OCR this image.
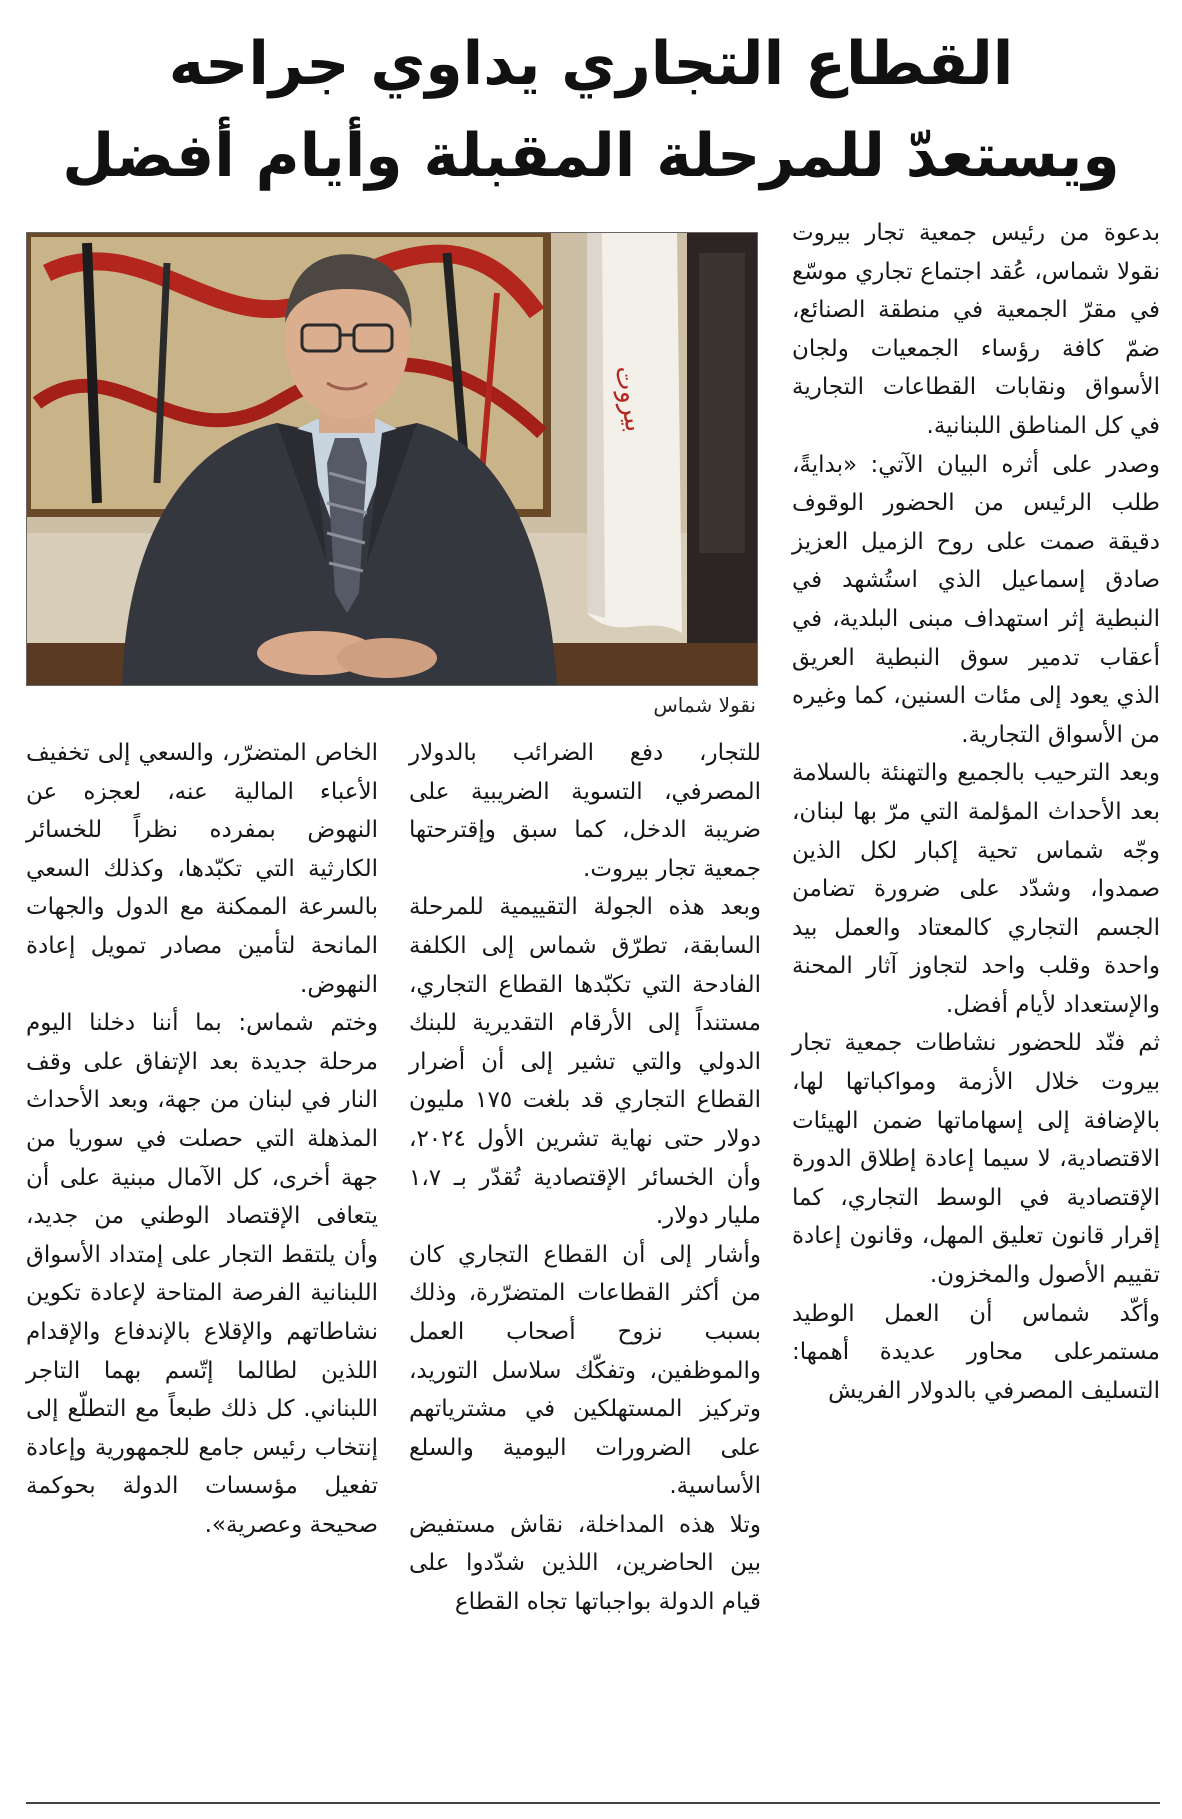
القطاع التجاري يداوي جراحه
ويستعدّ للمرحلة المقبلة وأيام أفضل

بدعوة من رئيس جمعية تجار بيروت نقولا شماس، عُقد اجتماع تجاري موسّع في مقرّ الجمعية في منطقة الصنائع، ضمّ كافة رؤساء الجمعيات ولجان الأسواق ونقابات القطاعات التجارية في كل المناطق اللبنانية.

وصدر على أثره البيان الآتي: «بدايةً، طلب الرئيس من الحضور الوقوف دقيقة صمت على روح الزميل العزيز صادق إسماعيل الذي استُشهد في النبطية إثر استهداف مبنى البلدية، في أعقاب تدمير سوق النبطية العريق الذي يعود إلى مئات السنين، كما وغيره من الأسواق التجارية.

وبعد الترحيب بالجميع والتهنئة بالسلامة بعد الأحداث المؤلمة التي مرّ بها لبنان، وجّه شماس تحية إكبار لكل الذين صمدوا، وشدّد على ضرورة تضامن الجسم التجاري كالمعتاد والعمل بيد واحدة وقلب واحد لتجاوز آثار المحنة والإستعداد لأيام أفضل.

ثم فنّد للحضور نشاطات جمعية تجار بيروت خلال الأزمة ومواكباتها لها، بالإضافة إلى إسهاماتها ضمن الهيئات الاقتصادية، لا سيما إعادة إطلاق الدورة الإقتصادية في الوسط التجاري، كما إقرار قانون تعليق المهل، وقانون إعادة تقييم الأصول والمخزون.

وأكّد شماس أن العمل الوطيد مستمرعلى محاور عديدة أهمها: التسليف المصرفي بالدولار الفريش

بيروت
نقولا شماس

للتجار، دفع الضرائب بالدولار المصرفي، التسوية الضريبية على ضريبة الدخل، كما سبق وإقترحتها جمعية تجار بيروت.

وبعد هذه الجولة التقييمية للمرحلة السابقة، تطرّق شماس إلى الكلفة الفادحة التي تكبّدها القطاع التجاري، مستنداً إلى الأرقام التقديرية للبنك الدولي والتي تشير إلى أن أضرار القطاع التجاري قد بلغت ١٧٥ مليون دولار حتى نهاية تشرين الأول ٢٠٢٤، وأن الخسائر الإقتصادية تُقدّر بـ ١،٧ مليار دولار.

وأشار إلى أن القطاع التجاري كان من أكثر القطاعات المتضرّرة، وذلك بسبب نزوح أصحاب العمل والموظفين، وتفكّك سلاسل التوريد، وتركيز المستهلكين في مشترياتهم على الضرورات اليومية والسلع الأساسية.

وتلا هذه المداخلة، نقاش مستفيض بين الحاضرين، اللذين شدّدوا على قيام الدولة بواجباتها تجاه القطاع

الخاص المتضرّر، والسعي إلى تخفيف الأعباء المالية عنه، لعجزه عن النهوض بمفرده نظراً للخسائر الكارثية التي تكبّدها، وكذلك السعي بالسرعة الممكنة مع الدول والجهات المانحة لتأمين مصادر تمويل إعادة النهوض.

وختم شماس: بما أننا دخلنا اليوم مرحلة جديدة بعد الإتفاق على وقف النار في لبنان من جهة، وبعد الأحداث المذهلة التي حصلت في سوريا من جهة أخرى، كل الآمال مبنية على أن يتعافى الإقتصاد الوطني من جديد، وأن يلتقط التجار على إمتداد الأسواق اللبنانية الفرصة المتاحة لإعادة تكوين نشاطاتهم والإقلاع بالإندفاع والإقدام اللذين لطالما إتّسم بهما التاجر اللبناني. كل ذلك طبعاً مع التطلّع إلى إنتخاب رئيس جامع للجمهورية وإعادة تفعيل مؤسسات الدولة بحوكمة صحيحة وعصرية».
